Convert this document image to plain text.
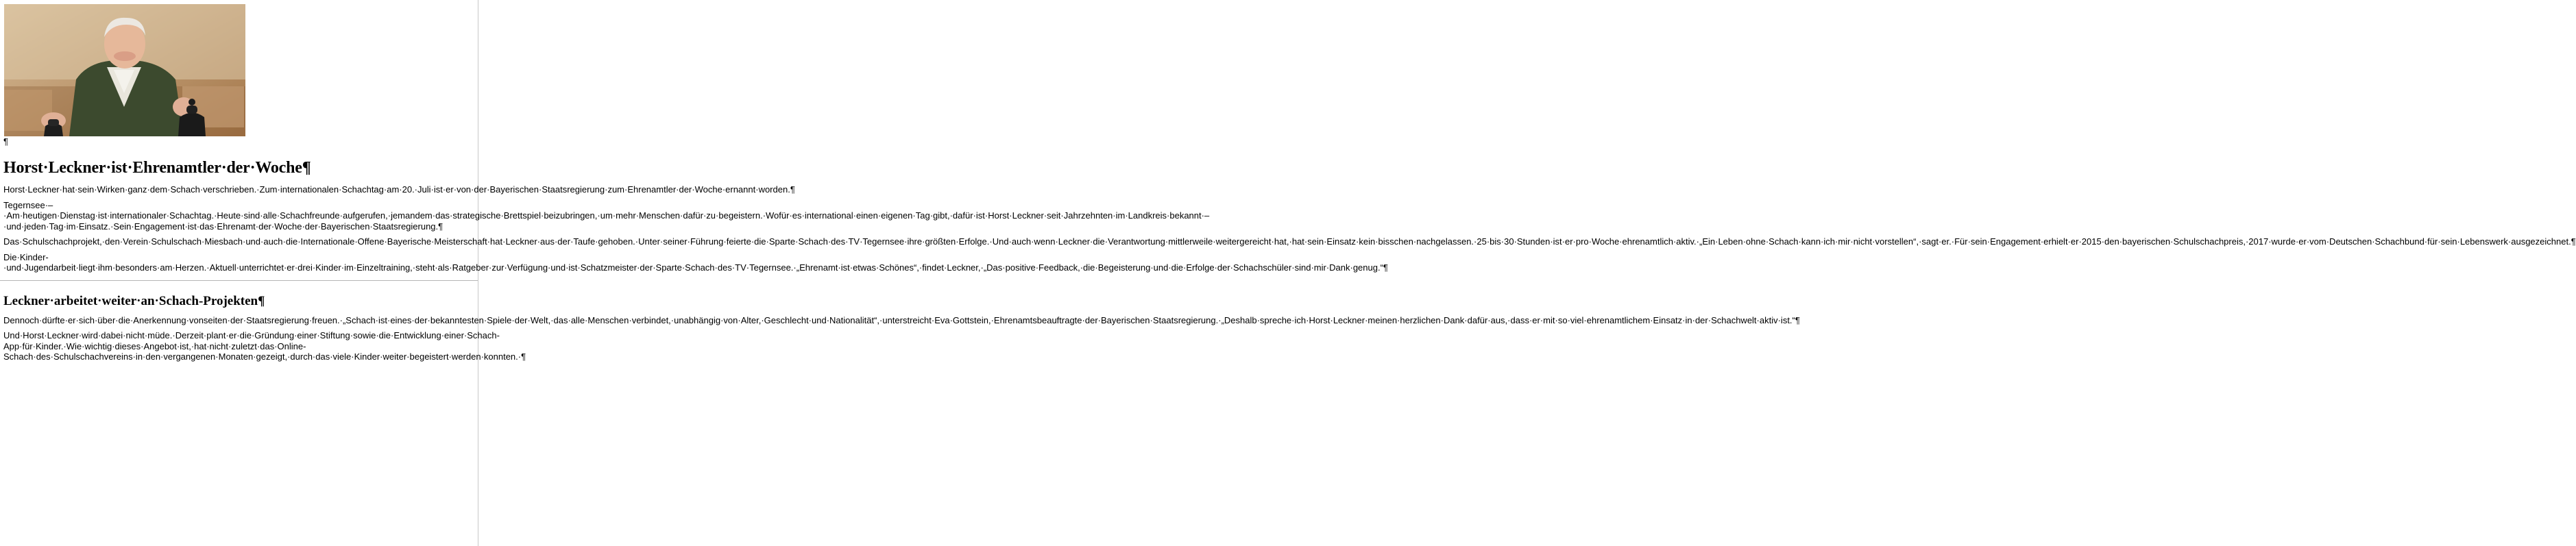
¶
Horst·Leckner·ist·Ehrenamtler·der·Woche¶

Horst·Leckner·hat·sein·Wirken·ganz·dem·Schach·verschrieben.·Zum·internationalen·Schachtag·am·20.·Juli·ist·er·von·der·Bayerischen·Staatsregierung·zum·Ehrenamtler·der·Woche·ernannt·worden.¶

Tegernsee·–·Am·heutigen·Dienstag·ist·internationaler·Schachtag.·Heute·sind·alle·Schachfreunde·aufgerufen,·jemandem·das·strategische·Brettspiel·beizubringen,·um·mehr·Menschen·dafür·zu·begeistern.·Wofür·es·international·einen·eigenen·Tag·gibt,·dafür·ist·Horst·Leckner·seit·Jahrzehnten·im·Landkreis·bekannt·–·und·jeden·Tag·im·Einsatz.·Sein·Engagement·ist·das·Ehrenamt·der·Woche·der·Bayerischen·Staatsregierung.¶

Das·Schulschachprojekt,·den·Verein·Schulschach·Miesbach·und·auch·die·Internationale·Offene·Bayerische·Meisterschaft·hat·Leckner·aus·der·Taufe·gehoben.·Unter·seiner·Führung·feierte·die·Sparte·Schach·des·TV·Tegernsee·ihre·größten·Erfolge.·Und·auch·wenn·Leckner·die·Verantwortung·mittlerweile·weitergereicht·hat,·hat·sein·Einsatz·kein·bisschen·nachgelassen.·25·bis·30·Stunden·ist·er·pro·Woche·ehrenamtlich·aktiv.·„Ein·Leben·ohne·Schach·kann·ich·mir·nicht·vorstellen“,·sagt·er.·Für·sein·Engagement·erhielt·er·2015·den·bayerischen·Schulschachpreis,·2017·wurde·er·vom·Deutschen·Schachbund·für·sein·Lebenswerk·ausgezeichnet.¶

Die·Kinder-·und·Jugendarbeit·liegt·ihm·besonders·am·Herzen.·Aktuell·unterrichtet·er·drei·Kinder·im·Einzeltraining,·steht·als·Ratgeber·zur·Verfügung·und·ist·Schatzmeister·der·Sparte·Schach·des·TV·Tegernsee.·„Ehrenamt·ist·etwas·Schönes“,·findet·Leckner,·„Das·positive·Feedback,·die·Begeisterung·und·die·Erfolge·der·Schachschüler·sind·mir·Dank·genug.“¶

Leckner·arbeitet·weiter·an·Schach-Projekten¶

Dennoch·dürfte·er·sich·über·die·Anerkennung·vonseiten·der·Staatsregierung·freuen.·„Schach·ist·eines·der·bekanntesten·Spiele·der·Welt,·das·alle·Menschen·verbindet,·unabhängig·von·Alter,·Geschlecht·und·Nationalität“,·unterstreicht·Eva·Gottstein,·Ehrenamtsbeauftragte·der·Bayerischen·Staatsregierung.·„Deshalb·spreche·ich·Horst·Leckner·meinen·herzlichen·Dank·dafür·aus,·dass·er·mit·so·viel·ehrenamtlichem·Einsatz·in·der·Schachwelt·aktiv·ist.“¶

Und·Horst·Leckner·wird·dabei·nicht·müde.·Derzeit·plant·er·die·Gründung·einer·Stiftung·sowie·die·Entwicklung·einer·Schach-App·für·Kinder.·Wie·wichtig·dieses·Angebot·ist,·hat·nicht·zuletzt·das·Online-Schach·des·Schulschachvereins·in·den·vergangenen·Monaten·gezeigt,·durch·das·viele·Kinder·weiter·begeistert·werden·konnten.·¶
